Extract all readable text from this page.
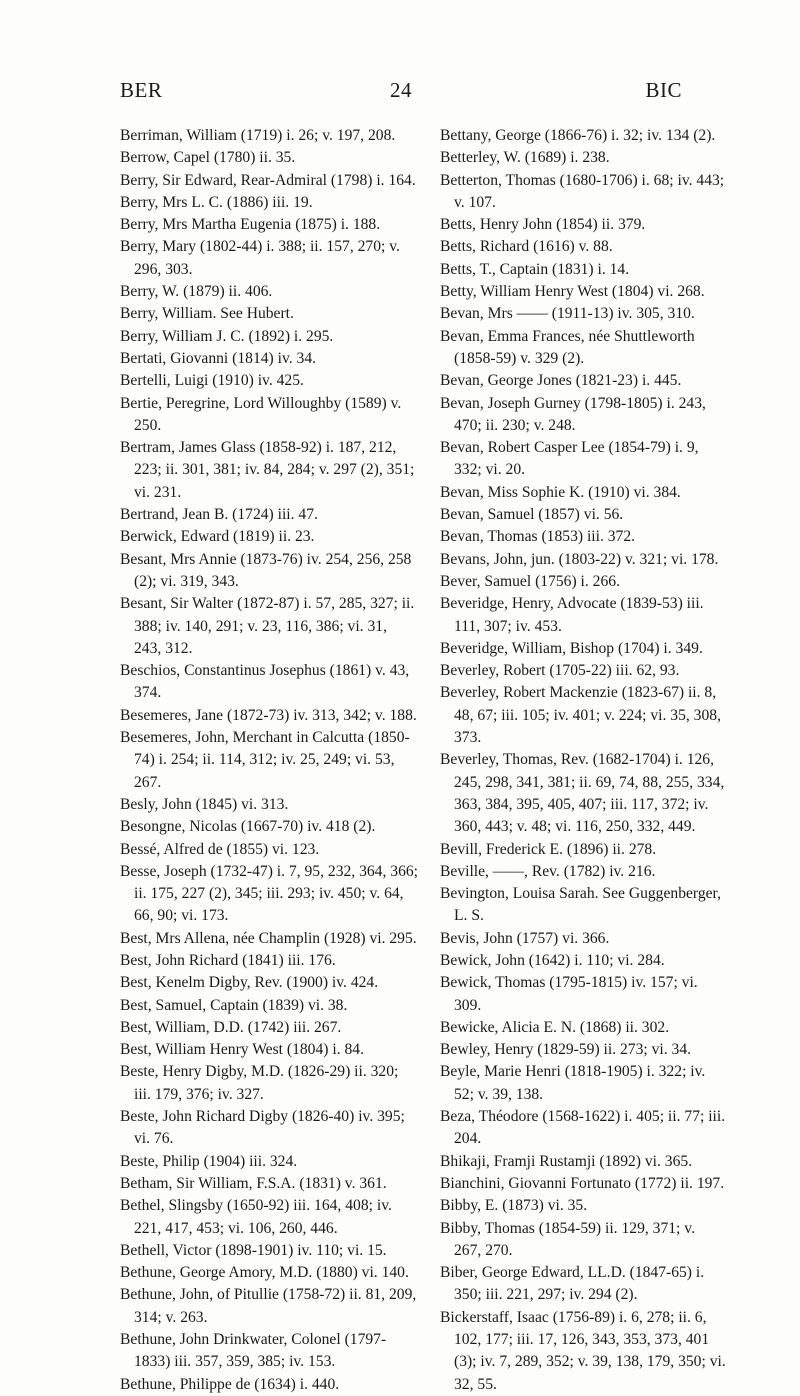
BER	24	BIC
Berriman, William (1719) i. 26; v. 197, 208.
Berrow, Capel (1780) ii. 35.
Berry, Sir Edward, Rear-Admiral (1798) i. 164.
Berry, Mrs L. C. (1886) iii. 19.
Berry, Mrs Martha Eugenia (1875) i. 188.
Berry, Mary (1802-44) i. 388; ii. 157, 270; v. 296, 303.
Berry, W. (1879) ii. 406.
Berry, William. See Hubert.
Berry, William J. C. (1892) i. 295.
Bertati, Giovanni (1814) iv. 34.
Bertelli, Luigi (1910) iv. 425.
Bertie, Peregrine, Lord Willoughby (1589) v. 250.
Bertram, James Glass (1858-92) i. 187, 212, 223; ii. 301, 381; iv. 84, 284; v. 297 (2), 351; vi. 231.
Bertrand, Jean B. (1724) iii. 47.
Berwick, Edward (1819) ii. 23.
Besant, Mrs Annie (1873-76) iv. 254, 256, 258 (2); vi. 319, 343.
Besant, Sir Walter (1872-87) i. 57, 285, 327; ii. 388; iv. 140, 291; v. 23, 116, 386; vi. 31, 243, 312.
Beschios, Constantinus Josephus (1861) v. 43, 374.
Besemeres, Jane (1872-73) iv. 313, 342; v. 188.
Besemeres, John, Merchant in Calcutta (1850-74) i. 254; ii. 114, 312; iv. 25, 249; vi. 53, 267.
Besly, John (1845) vi. 313.
Besongne, Nicolas (1667-70) iv. 418 (2).
Bessé, Alfred de (1855) vi. 123.
Besse, Joseph (1732-47) i. 7, 95, 232, 364, 366; ii. 175, 227 (2), 345; iii. 293; iv. 450; v. 64, 66, 90; vi. 173.
Best, Mrs Allena, née Champlin (1928) vi. 295.
Best, John Richard (1841) iii. 176.
Best, Kenelm Digby, Rev. (1900) iv. 424.
Best, Samuel, Captain (1839) vi. 38.
Best, William, D.D. (1742) iii. 267.
Best, William Henry West (1804) i. 84.
Beste, Henry Digby, M.D. (1826-29) ii. 320; iii. 179, 376; iv. 327.
Beste, John Richard Digby (1826-40) iv. 395; vi. 76.
Beste, Philip (1904) iii. 324.
Betham, Sir William, F.S.A. (1831) v. 361.
Bethel, Slingsby (1650-92) iii. 164, 408; iv. 221, 417, 453; vi. 106, 260, 446.
Bethell, Victor (1898-1901) iv. 110; vi. 15.
Bethune, George Amory, M.D. (1880) vi. 140.
Bethune, John, of Pitullie (1758-72) ii. 81, 209, 314; v. 263.
Bethune, John Drinkwater, Colonel (1797-1833) iii. 357, 359, 385; iv. 153.
Bethune, Philippe de (1634) i. 440.
Bettany, George (1866-76) i. 32; iv. 134 (2).
Betterley, W. (1689) i. 238.
Betterton, Thomas (1680-1706) i. 68; iv. 443; v. 107.
Betts, Henry John (1854) ii. 379.
Betts, Richard (1616) v. 88.
Betts, T., Captain (1831) i. 14.
Betty, William Henry West (1804) vi. 268.
Bevan, Mrs —— (1911-13) iv. 305, 310.
Bevan, Emma Frances, née Shuttleworth (1858-59) v. 329 (2).
Bevan, George Jones (1821-23) i. 445.
Bevan, Joseph Gurney (1798-1805) i. 243, 470; ii. 230; v. 248.
Bevan, Robert Casper Lee (1854-79) i. 9, 332; vi. 20.
Bevan, Miss Sophie K. (1910) vi. 384.
Bevan, Samuel (1857) vi. 56.
Bevan, Thomas (1853) iii. 372.
Bevans, John, jun. (1803-22) v. 321; vi. 178.
Bever, Samuel (1756) i. 266.
Beveridge, Henry, Advocate (1839-53) iii. 111, 307; iv. 453.
Beveridge, William, Bishop (1704) i. 349.
Beverley, Robert (1705-22) iii. 62, 93.
Beverley, Robert Mackenzie (1823-67) ii. 8, 48, 67; iii. 105; iv. 401; v. 224; vi. 35, 308, 373.
Beverley, Thomas, Rev. (1682-1704) i. 126, 245, 298, 341, 381; ii. 69, 74, 88, 255, 334, 363, 384, 395, 405, 407; iii. 117, 372; iv. 360, 443; v. 48; vi. 116, 250, 332, 449.
Bevill, Frederick E. (1896) ii. 278.
Beville, ——, Rev. (1782) iv. 216.
Bevington, Louisa Sarah. See Guggenberger, L. S.
Bevis, John (1757) vi. 366.
Bewick, John (1642) i. 110; vi. 284.
Bewick, Thomas (1795-1815) iv. 157; vi. 309.
Bewicke, Alicia E. N. (1868) ii. 302.
Bewley, Henry (1829-59) ii. 273; vi. 34.
Beyle, Marie Henri (1818-1905) i. 322; iv. 52; v. 39, 138.
Beza, Théodore (1568-1622) i. 405; ii. 77; iii. 204.
Bhikaji, Framji Rustamji (1892) vi. 365.
Bianchini, Giovanni Fortunato (1772) ii. 197.
Bibby, E. (1873) vi. 35.
Bibby, Thomas (1854-59) ii. 129, 371; v. 267, 270.
Biber, George Edward, LL.D. (1847-65) i. 350; iii. 221, 297; iv. 294 (2).
Bickerstaff, Isaac (1756-89) i. 6, 278; ii. 6, 102, 177; iii. 17, 126, 343, 353, 373, 401 (3); iv. 7, 289, 352; v. 39, 138, 179, 350; vi. 32, 55.
